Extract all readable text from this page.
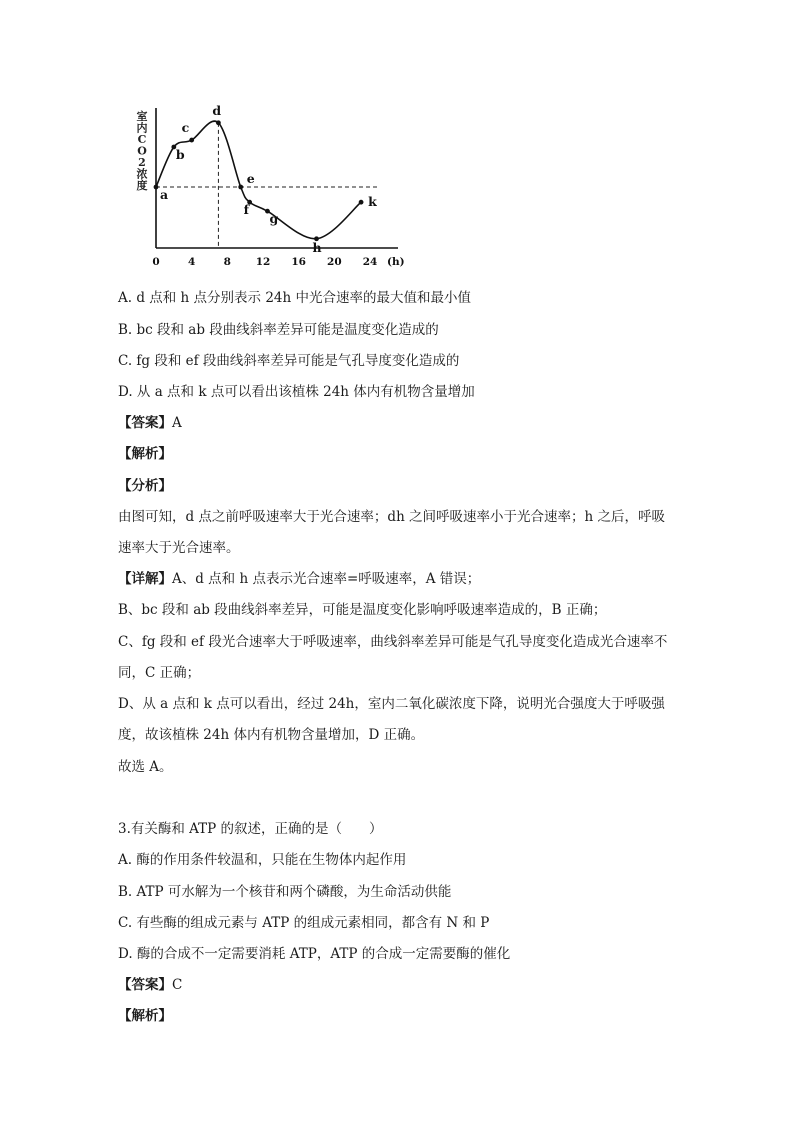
室
内
C
O
2
浓
度
0	4	8 12 16 20 24 (h)
a
b
c
d
e
f
g
h
k
A. d 点和 h 点分别表示 24h 中光合速率的最大值和最小值
B. bc 段和 ab 段曲线斜率差异可能是温度变化造成的
C. fg 段和 ef 段曲线斜率差异可能是气孔导度变化造成的
D. 从 a 点和 k 点可以看出该植株 24h 体内有机物含量增加
【答案】A
【解析】
【分析】
由图可知，d 点之前呼吸速率大于光合速率；dh 之间呼吸速率小于光合速率；h 之后，呼吸
速率大于光合速率。
【详解】A、d 点和 h 点表示光合速率=呼吸速率，A 错误；
B、bc 段和 ab 段曲线斜率差异，可能是温度变化影响呼吸速率造成的，B 正确；
C、fg 段和 ef 段光合速率大于呼吸速率，曲线斜率差异可能是气孔导度变化造成光合速率不
同，C 正确；
D、从 a 点和 k 点可以看出，经过 24h，室内二氧化碳浓度下降，说明光合强度大于呼吸强
度，故该植株 24h 体内有机物含量增加，D 正确。
故选 A。
3.有关酶和 ATP 的叙述，正确的是（　　）
A. 酶的作用条件较温和，只能在生物体内起作用
B. ATP 可水解为一个核苷和两个磷酸，为生命活动供能
C. 有些酶的组成元素与 ATP 的组成元素相同，都含有 N 和 P
D. 酶的合成不一定需要消耗 ATP，ATP 的合成一定需要酶的催化
【答案】C
【解析】
